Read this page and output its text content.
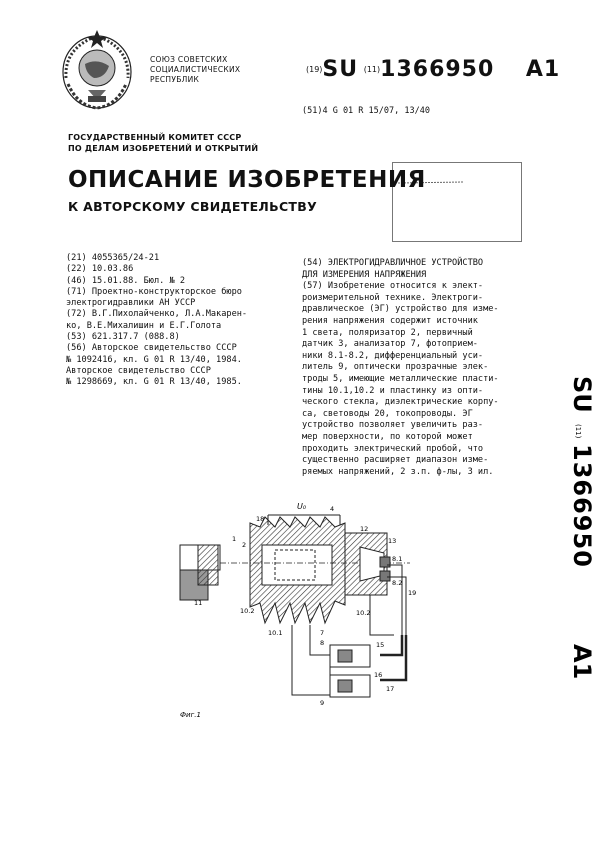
СОЮЗ СОВЕТСКИХ
СОЦИАЛИСТИЧЕСКИХ
РЕСПУБЛИК
(19)SU (11)1366950 A1
(51)4 G 01 R 15/07, 13/40
ГОСУДАРСТВЕННЫЙ КОМИТЕТ СССР
ПО ДЕЛАМ ИЗОБРЕТЕНИЙ И ОТКРЫТИЙ
ОПИСАНИЕ ИЗОБРЕТЕНИЯ
К АВТОРСКОМУ СВИДЕТЕЛЬСТВУ
(21) 4055365/24-21
(22) 10.03.86
(46) 15.01.88. Бюл. № 2
(71) Проектно-конструкторское бюро
электрогидравлики АН УССР
(72) В.Г.Пихолайченко, Л.А.Макарен-
ко, В.Е.Михалишин и Е.Г.Голота
(53) 621.317.7 (088.8)
(56) Авторское свидетельство СССР
№ 1092416, кл. G 01 R 13/40, 1984.
Авторское свидетельство СССР
№ 1298669, кл. G 01 R 13/40, 1985.
(54) ЭЛЕКТРОГИДРАВЛИЧНОЕ УСТРОЙСТВО
ДЛЯ ИЗМЕРЕНИЯ НАПРЯЖЕНИЯ
(57) Изобретение относится к элект-
роизмерительной технике. Электроги-
дравлическое (ЭГ) устройство для изме-
рения напряжения содержит источник
1 света, поляризатор 2, первичный
датчик 3, анализатор 7, фотоприем-
ники 8.1-8.2, дифференциальный уси-
литель 9, оптически прозрачные элек-
троды 5, имеющие металлические пласти-
тины 10.1,10.2 и пластинку из опти-
ческого стекла, диэлектрические корпу-
са, световоды 20, токопроводы. ЭГ
устройство позволяет увеличить раз-
мер поверхности, по которой может
проходить электрический пробой, что
существенно расширяет диапазон изме-
ряемых напряжений, 2 з.п. ф-лы, 3 ил.
SU
(11)
1366950
A1
U₀
1
2
18
4
12
13
8.1
8.2
19
10.2
10.1	7
10.2
11
15
16
17
8
9
Фиг.1
